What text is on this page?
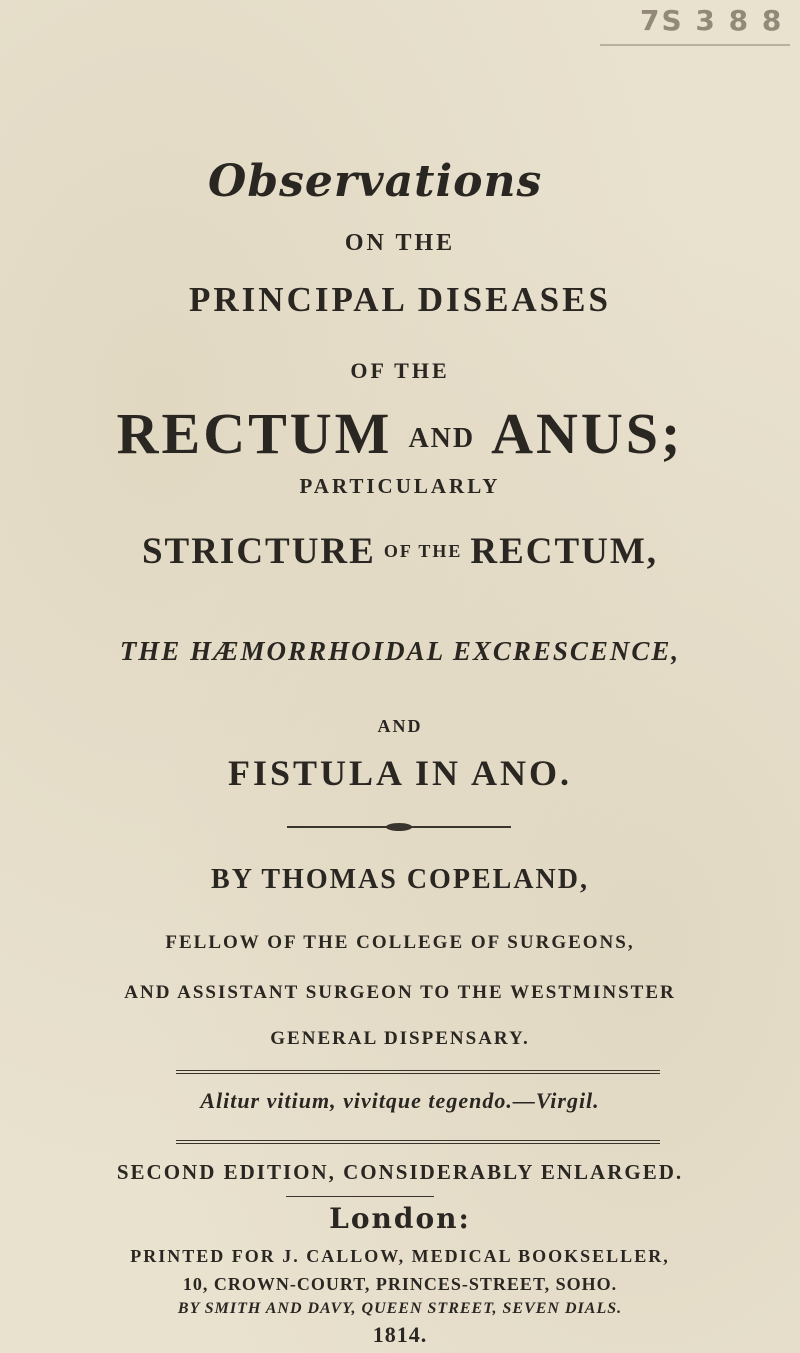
7S 3 8 8
Observations
ON THE
PRINCIPAL DISEASES
OF THE
RECTUM AND ANUS;
PARTICULARLY
STRICTURE OF THE RECTUM,
THE HÆMORRHOIDAL EXCRESCENCE,
AND
FISTULA IN ANO.
BY THOMAS COPELAND,
FELLOW OF THE COLLEGE OF SURGEONS,
AND ASSISTANT SURGEON TO THE WESTMINSTER
GENERAL DISPENSARY.
Alitur vitium, vivitque tegendo.—Virgil.
SECOND EDITION, CONSIDERABLY ENLARGED.
London:
PRINTED FOR J. CALLOW, MEDICAL BOOKSELLER,
10, CROWN-COURT, PRINCES-STREET, SOHO.
BY SMITH AND DAVY, QUEEN STREET, SEVEN DIALS.
1814.
